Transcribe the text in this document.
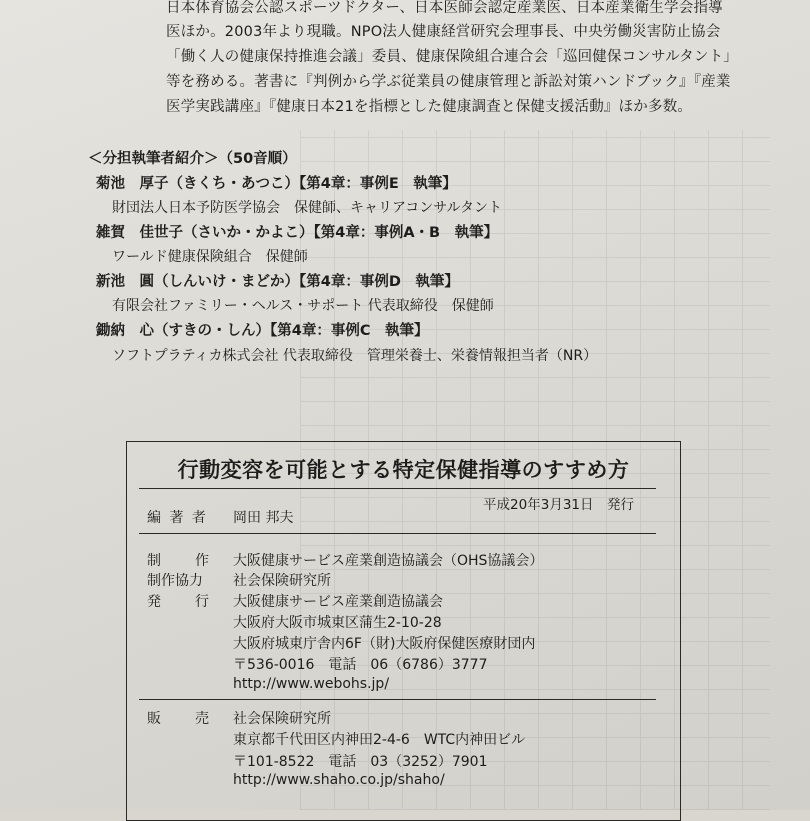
日本体育協会公認スポーツドクター、日本医師会認定産業医、日本産業衛生学会指導
医ほか。2003年より現職。NPO法人健康経営研究会理事長、中央労働災害防止協会
「働く人の健康保持推進会議」委員、健康保険組合連合会「巡回健保コンサルタント」
等を務める。著書に『判例から学ぶ従業員の健康管理と訴訟対策ハンドブック』『産業
医学実践講座』『健康日本21を指標とした健康調査と保健支援活動』ほか多数。
＜分担執筆者紹介＞（50音順）
菊池　厚子（きくち・あつこ）【第4章：事例E　執筆】
財団法人日本予防医学協会　保健師、キャリアコンサルタント
雑賀　佳世子（さいか・かよこ）【第4章：事例A・B　執筆】
ワールド健康保険組合　保健師
新池　圓（しんいけ・まどか）【第4章：事例D　執筆】
有限会社ファミリー・ヘルス・サポート 代表取締役　保健師
鋤納　心（すきの・しん）【第4章：事例C　執筆】
ソフトプラティカ株式会社 代表取締役　管理栄養士、栄養情報担当者（NR）
行動変容を可能とする特定保健指導のすすめ方
平成20年3月31日　発行
編 著 者 岡田 邦夫
制　　作 大阪健康サービス産業創造協議会（OHS協議会）
制作協力 社会保険研究所
発　　行 大阪健康サービス産業創造協議会
大阪府大阪市城東区蒲生2-10-28
大阪府城東庁舎内6F（財)大阪府保健医療財団内
〒536-0016　電話　06（6786）3777
http://www.webohs.jp/
販　　売 社会保険研究所
東京都千代田区内神田2-4-6　WTC内神田ビル
〒101-8522　電話　03（3252）7901
http://www.shaho.co.jp/shaho/
